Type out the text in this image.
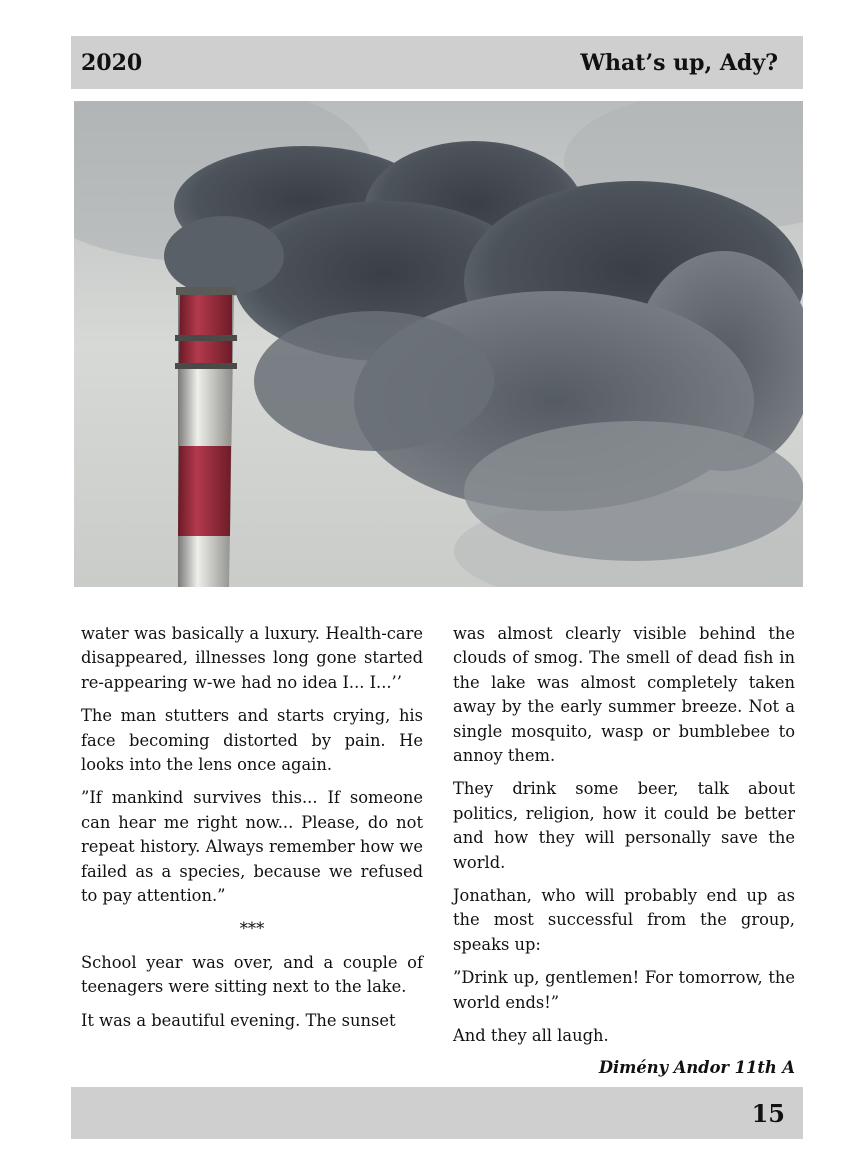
2020	What’s up, Ady?

water was basically a luxury. Health-care disappeared, illnesses long gone started re-appearing w-we had no idea I... I...’’

The man stutters and starts crying, his face becoming distorted by pain. He looks into the lens once again.

”If mankind survives this... If someone can hear me right now... Please, do not repeat history. Always remember how we failed as a species, because we refused to pay attention.”

***

School year was over, and a couple of teenagers were sitting next to the lake.

It was a beautiful evening. The sunset

was almost clearly visible behind the clouds of smog. The smell of dead fish in the lake was almost completely taken away by the early summer breeze. Not a single mosquito, wasp or bumblebee to annoy them.

They drink some beer, talk about politics, religion, how it could be better and how they will personally save the world.

Jonathan, who will probably end up as the most successful from the group, speaks up:

”Drink up, gentlemen! For tomorrow, the world ends!”

And they all laugh.

Dimény Andor 11th A
15
